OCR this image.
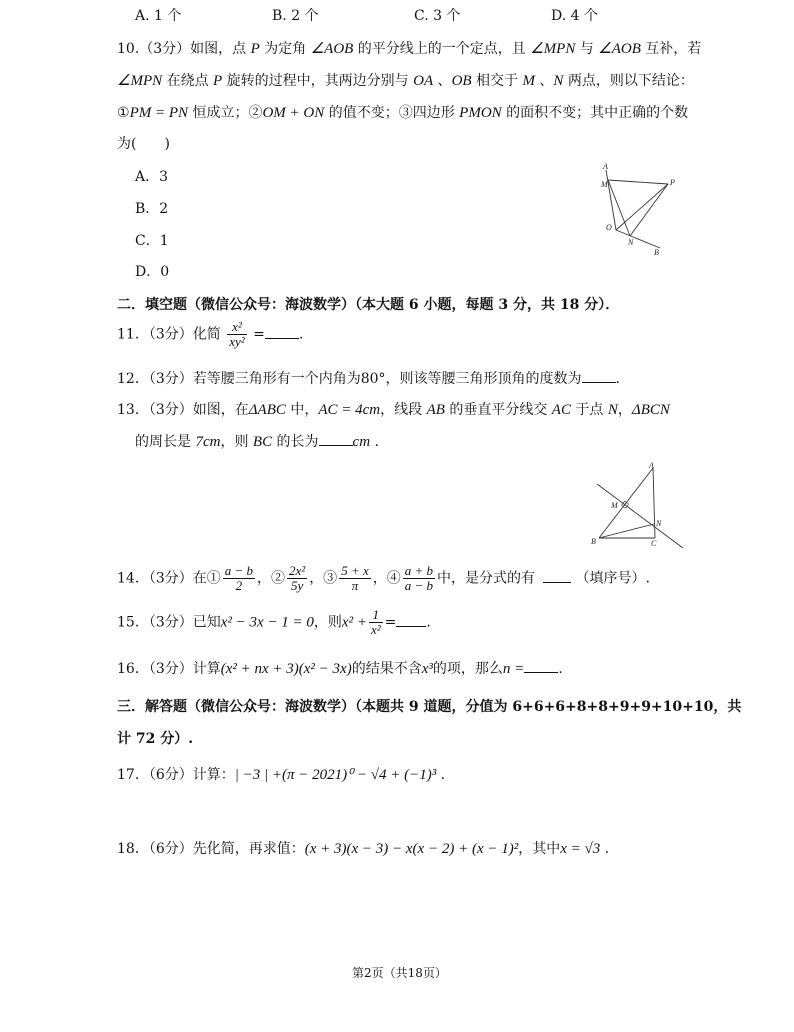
A. 1 个	B. 2 个	C. 3 个	D. 4 个
10.（3分）如图，点 P 为定角 ∠AOB 的平分线上的一个定点，且 ∠MPN 与 ∠AOB 互补，若
∠MPN 在绕点 P 旋转的过程中，其两边分别与 OA 、OB 相交于 M 、N 两点，则以下结论：
①PM = PN 恒成立；②OM + ON 的值不变；③四边形 PMON 的面积不变；其中正确的个数
为(　　)
A．3
B．2
C．1
D．0
A
M	P
O
N
B
二．填空题（微信公众号：海波数学）（本大题 6 小题，每题 3 分，共 18 分）．
11．（3分）化简 $\frac{\text{x²}}{\text{xy²}}$ = .
12．（3分）若等腰三角形有一个内角为80°，则该等腰三角形顶角的度数为 .
13．（3分）如图，在ΔABC 中，AC = 4cm，线段 AB 的垂直平分线交 AC 于点 N，ΔBCN
的周长是 7cm，则 BC 的长为 cm .
A
M
N
B	C
14．（3分）在① $\frac{a - b}{2}$ ，② $\frac{\text{2x²}}{5y}$ ，③ $\frac{5 + x}{\pi}$ ，④ $\frac{a + b}{a - b}$ 中，是分式的有	（填序号）.
15．（3分）已知x² − 3x − 1 = 0，则$x^2 + \frac{1}{\text{x²}}$ = .
16．（3分）计算(x² + nx + 3)(x² − 3x)的结果不含x³的项，那么n = .
三．解答题（微信公众号：海波数学）（本题共 9 道题，分值为 6+6+6+8+8+9+9+10+10，共
计 72 分）.
17．（6分）计算：| −3 | +(π − 2021)⁰ − √4 + (−1)³ .
18．（6分）先化简，再求值：(x + 3)(x − 3) − x(x − 2) + (x − 1)²，其中x = √3 .
第2页（共18页）
